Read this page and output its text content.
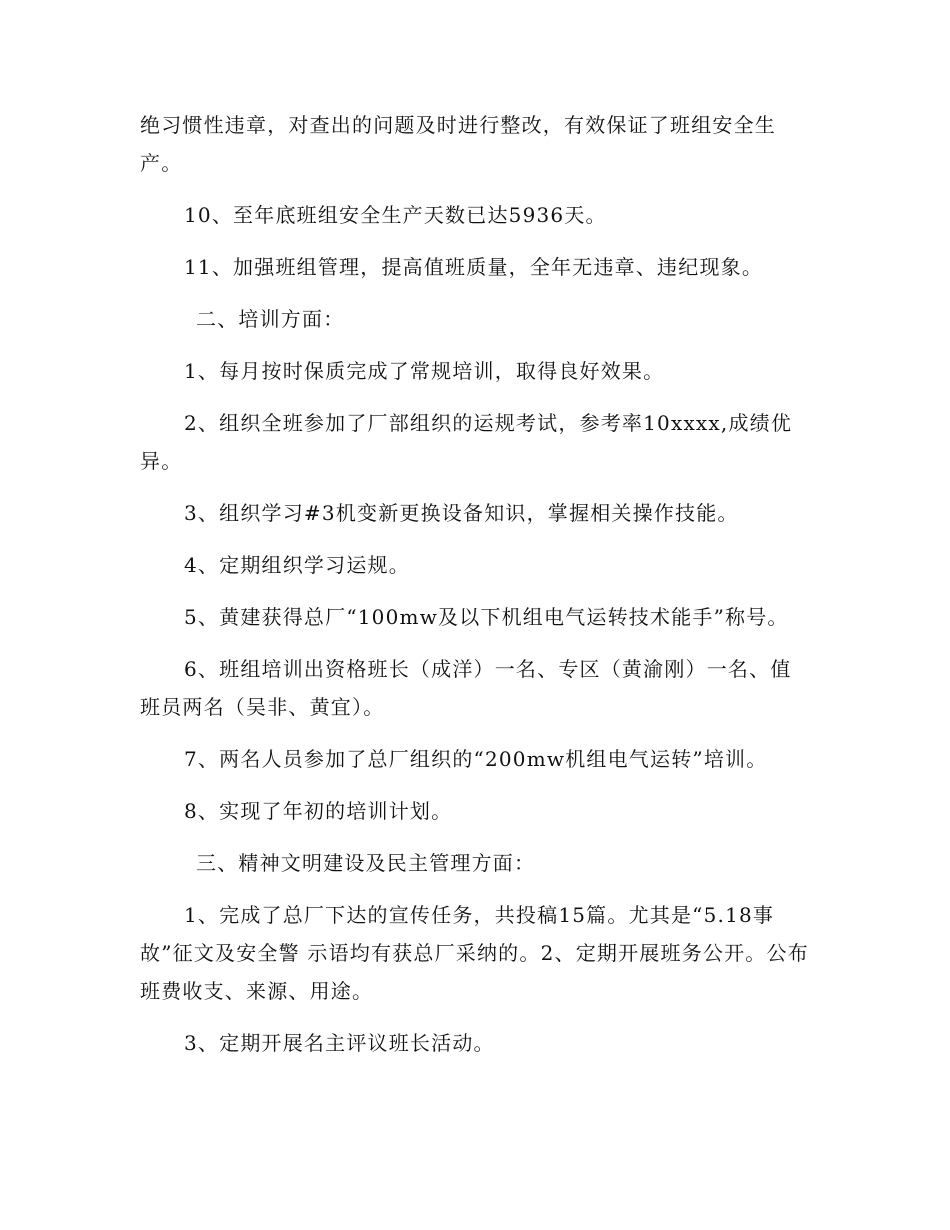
绝习惯性违章，对查出的问题及时进行整改，有效保证了班组安全生产。

10、至年底班组安全生产天数已达5936天。

11、加强班组管理，提高值班质量，全年无违章、违纪现象。

二、培训方面：

1、每月按时保质完成了常规培训，取得良好效果。

2、组织全班参加了厂部组织的运规考试，参考率10xxxx,成绩优异。

3、组织学习#3机变新更换设备知识，掌握相关操作技能。

4、定期组织学习运规。

5、黄建获得总厂“100mw及以下机组电气运转技术能手”称号。

6、班组培训出资格班长（成洋）一名、专区（黄渝刚）一名、值班员两名（吴非、黄宜）。

7、两名人员参加了总厂组织的“200mw机组电气运转”培训。

8、实现了年初的培训计划。

三、精神文明建设及民主管理方面：

1、完成了总厂下达的宣传任务，共投稿15篇。尤其是“5.18事故”征文及安全警 示语均有获总厂采纳的。2、定期开展班务公开。公布班费收支、来源、用途。

3、定期开展名主评议班长活动。
